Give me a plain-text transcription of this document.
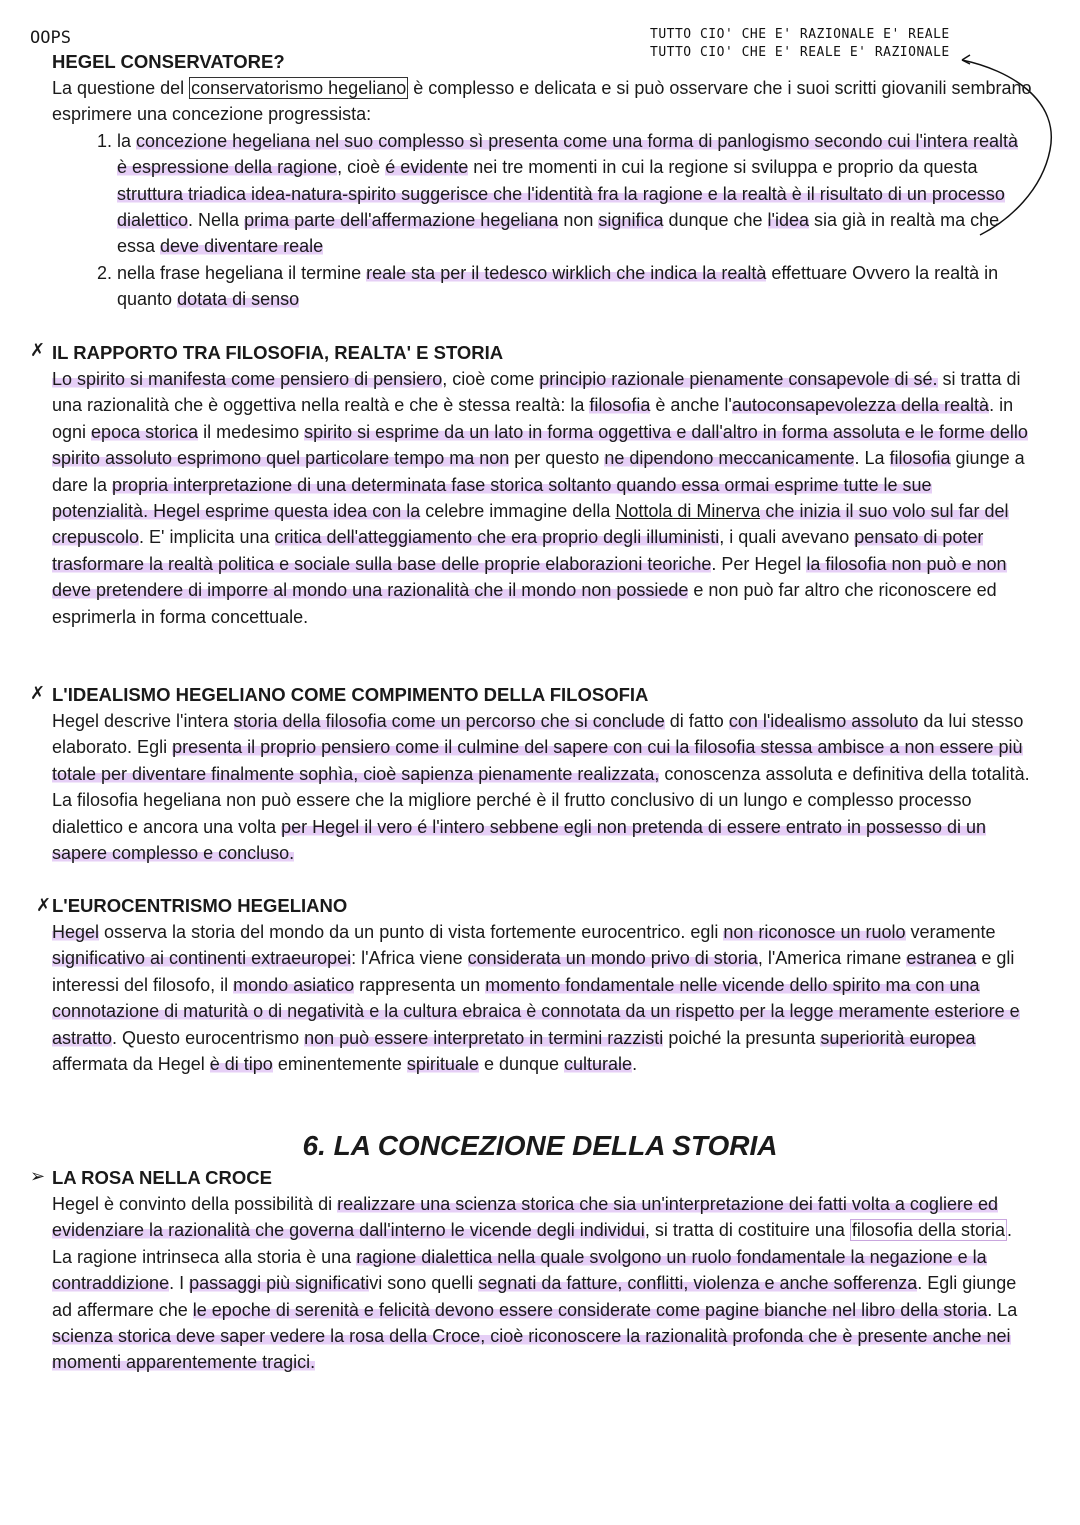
TUTTO CIO' CHE E' RAZIONALE E' REALE
TUTTO CIO' CHE E' REALE E' RAZIONALE
OOPS
HEGEL CONSERVATORE?

La questione del conservatorismo hegeliano è complesso e delicata e si può osservare che i suoi scritti giovanili sembrano esprimere una concezione progressista:

1. la concezione hegeliana nel suo complesso sì presenta come una forma di panlogismo secondo cui l'intera realtà è espressione della ragione, cioè é evidente nei tre momenti in cui la regione si sviluppa e proprio da questa struttura triadica idea-natura-spirito suggerisce che l'identità fra la ragione e la realtà è il risultato di un processo dialettico. Nella prima parte dell'affermazione hegeliana non significa dunque che l'idea sia già in realtà ma che essa deve diventare reale
2. nella frase hegeliana il termine reale sta per il tedesco wirklich che indica la realtà effettuare Ovvero la realtà in quanto dotata di senso
✗ IL RAPPORTO TRA FILOSOFIA, REALTA' E STORIA

Lo spirito si manifesta come pensiero di pensiero, cioè come principio razionale pienamente consapevole di sé. si tratta di una razionalità che è oggettiva nella realtà e che è stessa realtà: la filosofia è anche l'autoconsapevolezza della realtà. in ogni epoca storica il medesimo spirito si esprime da un lato in forma oggettiva e dall'altro in forma assoluta e le forme dello spirito assoluto esprimono quel particolare tempo ma non per questo ne dipendono meccanicamente. La filosofia giunge a dare la propria interpretazione di una determinata fase storica soltanto quando essa ormai esprime tutte le sue potenzialità. Hegel esprime questa idea con la celebre immagine della Nottola di Minerva che inizia il suo volo sul far del crepuscolo. E' implicita una critica dell'atteggiamento che era proprio degli illuministi, i quali avevano pensato di poter trasformare la realtà politica e sociale sulla base delle proprie elaborazioni teoriche. Per Hegel la filosofia non può e non deve pretendere di imporre al mondo una razionalità che il mondo non possiede e non può far altro che riconoscere ed esprimerla in forma concettuale.

✗ L'IDEALISMO HEGELIANO COME COMPIMENTO DELLA FILOSOFIA

Hegel descrive l'intera storia della filosofia come un percorso che si conclude di fatto con l'idealismo assoluto da lui stesso elaborato. Egli presenta il proprio pensiero come il culmine del sapere con cui la filosofia stessa ambisce a non essere più totale per diventare finalmente sophìa, cioè sapienza pienamente realizzata, conoscenza assoluta e definitiva della totalità. La filosofia hegeliana non può essere che la migliore perché è il frutto conclusivo di un lungo e complesso processo dialettico e ancora una volta per Hegel il vero é l'intero sebbene egli non pretenda di essere entrato in possesso di un sapere complesso e concluso.

✗ L'EUROCENTRISMO HEGELIANO

Hegel osserva la storia del mondo da un punto di vista fortemente eurocentrico. egli non riconosce un ruolo veramente significativo ai continenti extraeuropei: l'Africa viene considerata un mondo privo di storia, l'America rimane estranea e gli interessi del filosofo, il mondo asiatico rappresenta un momento fondamentale nelle vicende dello spirito ma con una connotazione di maturità o di negatività e la cultura ebraica è connotata da un rispetto per la legge meramente esteriore e astratto. Questo eurocentrismo non può essere interpretato in termini razzisti poiché la presunta superiorità europea affermata da Hegel è di tipo eminentemente spirituale e dunque culturale.

6. LA CONCEZIONE DELLA STORIA
➢ LA ROSA NELLA CROCE

Hegel è convinto della possibilità di realizzare una scienza storica che sia un'interpretazione dei fatti volta a cogliere ed evidenziare la razionalità che governa dall'interno le vicende degli individui, si tratta di costituire una filosofia della storia . La ragione intrinseca alla storia è una ragione dialettica nella quale svolgono un ruolo fondamentale la negazione e la contraddizione. I passaggi più significativi sono quelli segnati da fatture, conflitti, violenza e anche sofferenza. Egli giunge ad affermare che le epoche di serenità e felicità devono essere considerate come pagine bianche nel libro della storia. La scienza storica deve saper vedere la rosa della Croce, cioè riconoscere la razionalità profonda che è presente anche nei momenti apparentemente tragici.
